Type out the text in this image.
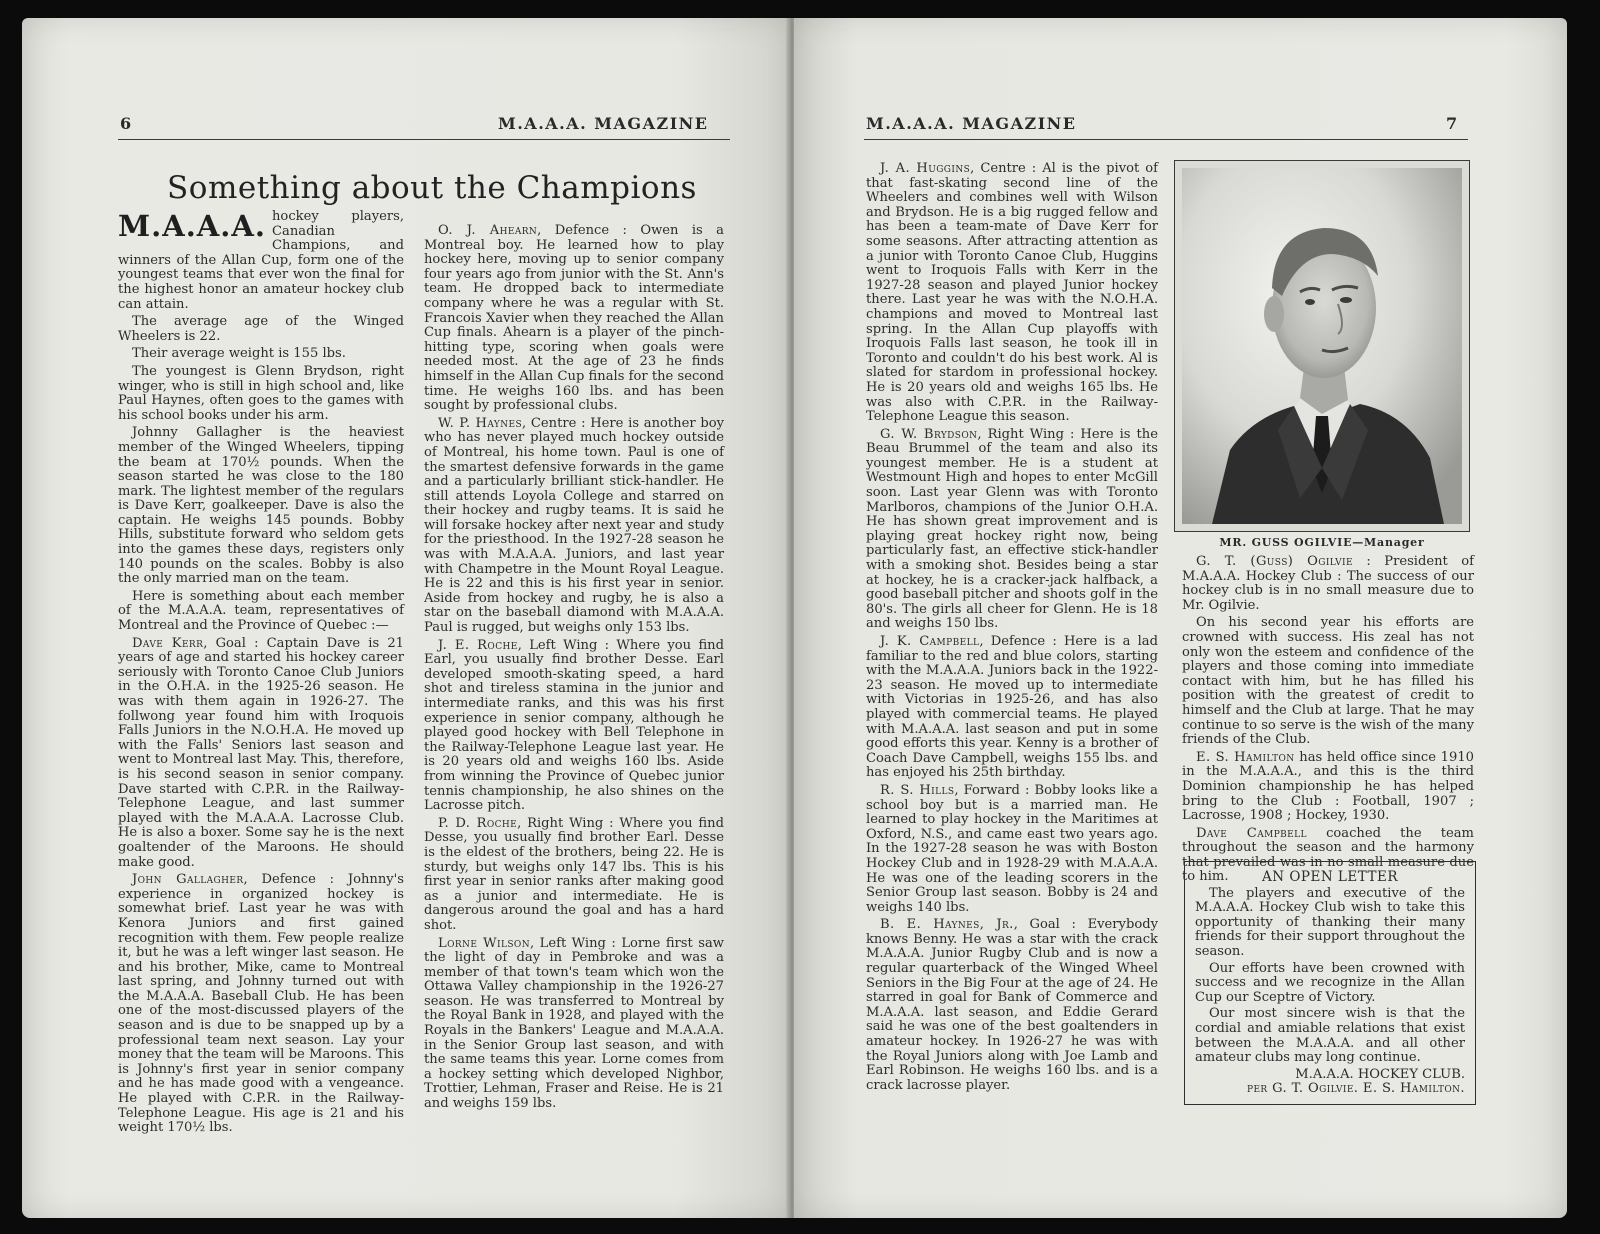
6	M.A.A.A. MAGAZINE
Something about the Champions

M.A.A.A. hockey players, Canadian Champions, and winners of the Allan Cup, form one of the youngest teams that ever won the final for the highest honor an amateur hockey club can attain.

The average age of the Winged Wheelers is 22.

Their average weight is 155 lbs.

The youngest is Glenn Brydson, right winger, who is still in high school and, like Paul Haynes, often goes to the games with his school books under his arm.

Johnny Gallagher is the heaviest member of the Winged Wheelers, tipping the beam at 170½ pounds. When the season started he was close to the 180 mark. The lightest member of the regulars is Dave Kerr, goalkeeper. Dave is also the captain. He weighs 145 pounds. Bobby Hills, substitute forward who seldom gets into the games these days, registers only 140 pounds on the scales. Bobby is also the only married man on the team.

Here is something about each member of the M.A.A.A. team, representatives of Montreal and the Province of Quebec :—

Dave Kerr, Goal : Captain Dave is 21 years of age and started his hockey career seriously with Toronto Canoe Club Juniors in the O.H.A. in the 1925-26 season. He was with them again in 1926-27. The follwong year found him with Iroquois Falls Juniors in the N.O.H.A. He moved up with the Falls' Seniors last season and went to Montreal last May. This, therefore, is his second season in senior company. Dave started with C.P.R. in the Railway-Telephone League, and last summer played with the M.A.A.A. Lacrosse Club. He is also a boxer. Some say he is the next goaltender of the Maroons. He should make good.

John Gallagher, Defence : Johnny's experience in organized hockey is somewhat brief. Last year he was with Kenora Juniors and first gained recognition with them. Few people realize it, but he was a left winger last season. He and his brother, Mike, came to Montreal last spring, and Johnny turned out with the M.A.A.A. Baseball Club. He has been one of the most-discussed players of the season and is due to be snapped up by a professional team next season. Lay your money that the team will be Maroons. This is Johnny's first year in senior company and he has made good with a vengeance. He played with C.P.R. in the Railway-Telephone League. His age is 21 and his weight 170½ lbs.

O. J. Ahearn, Defence : Owen is a Montreal boy. He learned how to play hockey here, moving up to senior company four years ago from junior with the St. Ann's team. He dropped back to intermediate company where he was a regular with St. Francois Xavier when they reached the Allan Cup finals. Ahearn is a player of the pinch-hitting type, scoring when goals were needed most. At the age of 23 he finds himself in the Allan Cup finals for the second time. He weighs 160 lbs. and has been sought by professional clubs.

W. P. Haynes, Centre : Here is another boy who has never played much hockey outside of Montreal, his home town. Paul is one of the smartest defensive forwards in the game and a particularly brilliant stick-handler. He still attends Loyola College and starred on their hockey and rugby teams. It is said he will forsake hockey after next year and study for the priesthood. In the 1927-28 season he was with M.A.A.A. Juniors, and last year with Champetre in the Mount Royal League. He is 22 and this is his first year in senior. Aside from hockey and rugby, he is also a star on the baseball diamond with M.A.A.A. Paul is rugged, but weighs only 153 lbs.

J. E. Roche, Left Wing : Where you find Earl, you usually find brother Desse. Earl developed smooth-skating speed, a hard shot and tireless stamina in the junior and intermediate ranks, and this was his first experience in senior company, although he played good hockey with Bell Telephone in the Railway-Telephone League last year. He is 20 years old and weighs 160 lbs. Aside from winning the Province of Quebec junior tennis championship, he also shines on the Lacrosse pitch.

P. D. Roche, Right Wing : Where you find Desse, you usually find brother Earl. Desse is the eldest of the brothers, being 22. He is sturdy, but weighs only 147 lbs. This is his first year in senior ranks after making good as a junior and intermediate. He is dangerous around the goal and has a hard shot.

Lorne Wilson, Left Wing : Lorne first saw the light of day in Pembroke and was a member of that town's team which won the Ottawa Valley championship in the 1926-27 season. He was transferred to Montreal by the Royal Bank in 1928, and played with the Royals in the Bankers' League and M.A.A.A. in the Senior Group last season, and with the same teams this year. Lorne comes from a hockey setting which developed Nighbor, Trottier, Lehman, Fraser and Reise. He is 21 and weighs 159 lbs.

M.A.A.A. MAGAZINE	7

J. A. Huggins, Centre : Al is the pivot of that fast-skating second line of the Wheelers and combines well with Wilson and Brydson. He is a big rugged fellow and has been a team-mate of Dave Kerr for some seasons. After attracting attention as a junior with Toronto Canoe Club, Huggins went to Iroquois Falls with Kerr in the 1927-28 season and played Junior hockey there. Last year he was with the N.O.H.A. champions and moved to Montreal last spring. In the Allan Cup playoffs with Iroquois Falls last season, he took ill in Toronto and couldn't do his best work. Al is slated for stardom in professional hockey. He is 20 years old and weighs 165 lbs. He was also with C.P.R. in the Railway-Telephone League this season.

G. W. Brydson, Right Wing : Here is the Beau Brummel of the team and also its youngest member. He is a student at Westmount High and hopes to enter McGill soon. Last year Glenn was with Toronto Marlboros, champions of the Junior O.H.A. He has shown great improvement and is playing great hockey right now, being particularly fast, an effective stick-handler with a smoking shot. Besides being a star at hockey, he is a cracker-jack halfback, a good baseball pitcher and shoots golf in the 80's. The girls all cheer for Glenn. He is 18 and weighs 150 lbs.

J. K. Campbell, Defence : Here is a lad familiar to the red and blue colors, starting with the M.A.A.A. Juniors back in the 1922-23 season. He moved up to intermediate with Victorias in 1925-26, and has also played with commercial teams. He played with M.A.A.A. last season and put in some good efforts this year. Kenny is a brother of Coach Dave Campbell, weighs 155 lbs. and has enjoyed his 25th birthday.

R. S. Hills, Forward : Bobby looks like a school boy but is a married man. He learned to play hockey in the Maritimes at Oxford, N.S., and came east two years ago. In the 1927-28 season he was with Boston Hockey Club and in 1928-29 with M.A.A.A. He was one of the leading scorers in the Senior Group last season. Bobby is 24 and weighs 140 lbs.

B. E. Haynes, Jr., Goal : Everybody knows Benny. He was a star with the crack M.A.A.A. Junior Rugby Club and is now a regular quarterback of the Winged Wheel Seniors in the Big Four at the age of 24. He starred in goal for Bank of Commerce and M.A.A.A. last season, and Eddie Gerard said he was one of the best goaltenders in amateur hockey. In 1926-27 he was with the Royal Juniors along with Joe Lamb and Earl Robinson. He weighs 160 lbs. and is a crack lacrosse player.

MR. GUSS OGILVIE—Manager

G. T. (Guss) Ogilvie : President of M.A.A.A. Hockey Club : The success of our hockey club is in no small measure due to Mr. Ogilvie.

On his second year his efforts are crowned with success. His zeal has not only won the esteem and confidence of the players and those coming into immediate contact with him, but he has filled his position with the greatest of credit to himself and the Club at large. That he may continue to so serve is the wish of the many friends of the Club.

E. S. Hamilton has held office since 1910 in the M.A.A.A., and this is the third Dominion championship he has helped bring to the Club : Football, 1907 ; Lacrosse, 1908 ; Hockey, 1930.

Dave Campbell coached the team throughout the season and the harmony that prevailed was in no small measure due to him.	AN OPEN LETTER

The players and executive of the M.A.A.A. Hockey Club wish to take this opportunity of thanking their many friends for their support throughout the season.

Our efforts have been crowned with success and we recognize in the Allan Cup our Sceptre of Victory.

Our most sincere wish is that the cordial and amiable relations that exist between the M.A.A.A. and all other amateur clubs may long continue.

M.A.A.A. HOCKEY CLUB.

per G. T. Ogilvie. E. S. Hamilton.
